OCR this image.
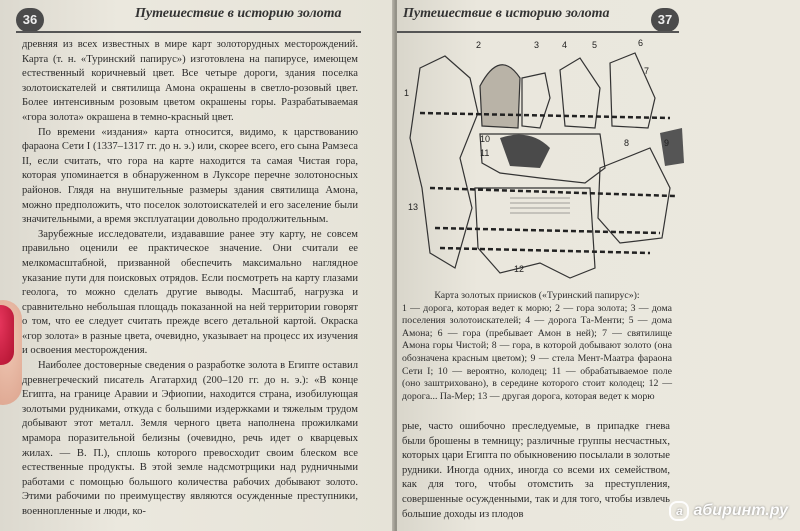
36	Путешествие в историю золота

древняя из всех известных в мире карт золоторудных месторождений. Карта (т. н. «Туринский папирус») изготовлена на папирусе, имеющем естественный коричневый цвет. Все четыре дороги, здания поселка золотоискателей и святилища Амона окрашены в светло-розовый цвет. Более интенсивным розовым цветом окрашены горы. Разрабатываемая «гора золота» окрашена в темно-красный цвет.

По времени «издания» карта относится, видимо, к царствованию фараона Сети I (1337–1317 гг. до н. э.) или, скорее всего, его сына Рамзеса II, если считать, что гора на карте находится та самая Чистая гора, которая упоминается в обнаруженном в Луксоре перечне золотоносных районов. Глядя на внушительные размеры здания святилища Амона, можно предположить, что поселок золотоискателей и его заселение были значительными, а время эксплуатации довольно продолжительным.

Зарубежные исследователи, издававшие ранее эту карту, не совсем правильно оценили ее практическое значение. Они считали ее мелкомасштабной, призванной обеспечить максимально наглядное указание пути для поисковых отрядов. Если посмотреть на карту глазами геолога, то можно сделать другие выводы. Масштаб, нагрузка и сравнительно небольшая площадь показанной на ней территории говорят о том, что ее следует считать прежде всего детальной картой. Окраска «гор золота» в разные цвета, очевидно, указывает на процесс их изучения и освоения месторождения.

Наиболее достоверные сведения о разработке золота в Египте оставил древнегреческий писатель Агатархид (200–120 гг. до н. э.): «В конце Египта, на границе Аравии и Эфиопии, находится страна, изобилующая золотыми рудниками, откуда с большими издержками и тяжелым трудом добывают этот металл. Земля черного цвета наполнена прожилками мрамора поразительной белизны (очевидно, речь идет о кварцевых жилах. — В. П.), сплошь которого превосходит своим блеском все естественные продукты. В этой земле надсмотрщики над рудничными работами с помощью большого количества рабочих добывают золото. Этими рабочими по преимуществу являются осужденные преступники, военнопленные и люди, ко-

Путешествие в историю золота	37
1
2	3	4	5	6
7
8	9
10
11
12
13
Карта золотых приисков («Туринский папирус»):
1 — дорога, которая ведет к морю; 2 — гора золота; 3 — дома поселения золотоискателей; 4 — дорога Та-Менти; 5 — дома Амона; 6 — гора (пребывает Амон в ней); 7 — святилище Амона горы Чистой; 8 — гора, в которой добывают золото (она обозначена красным цветом); 9 — стела Мент-Маатра фараона Сети I; 10 — вероятно, колодец; 11 — обрабатываемое поле (оно заштриховано), в середине которого стоит колодец; 12 — дорога... Па-Мер; 13 — другая дорога, которая ведет к морю

рые, часто ошибочно преследуемые, в припадке гнева были брошены в темницу; различные группы несчастных, которых цари Египта по обыкновению посылали в золотые рудники. Иногда одних, иногда со всеми их семейством, как для того, чтобы отомстить за преступления, совершенные осужденными, так и для того, чтобы извлечь большие доходы из плодов	a абиринт.ру
